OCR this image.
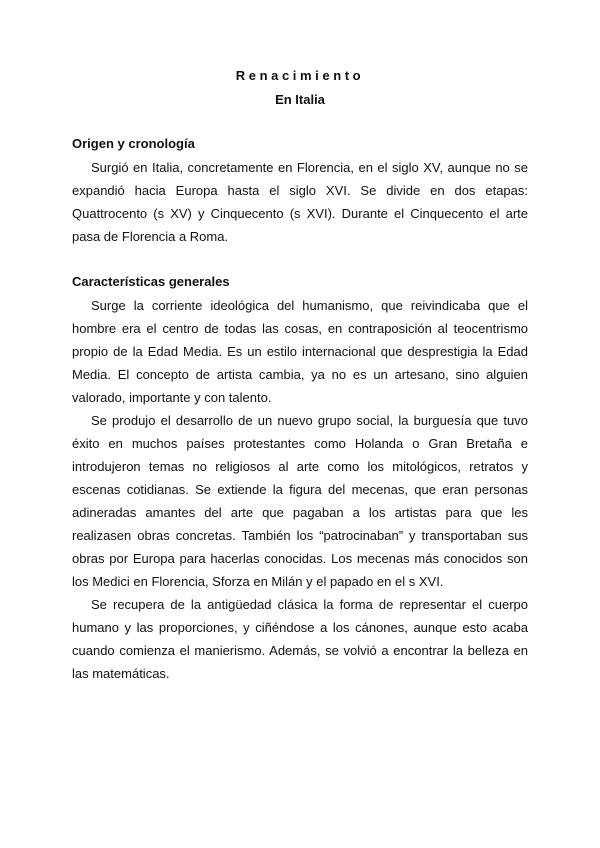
Renacimiento
En Italia
Origen y cronología

Surgió en Italia, concretamente en Florencia, en el siglo XV, aunque no se expandió hacia Europa hasta el siglo XVI. Se divide en dos etapas: Quattrocento (s XV) y Cinquecento (s XVI). Durante el Cinquecento el arte pasa de Florencia a Roma.

Características generales

Surge la corriente ideológica del humanismo, que reivindicaba que el hombre era el centro de todas las cosas, en contraposición al teocentrismo propio de la Edad Media. Es un estilo internacional que desprestigia la Edad Media. El concepto de artista cambia, ya no es un artesano, sino alguien valorado, importante y con talento.

Se produjo el desarrollo de un nuevo grupo social, la burguesía que tuvo éxito en muchos países protestantes como Holanda o Gran Bretaña e introdujeron temas no religiosos al arte como los mitológicos, retratos y escenas cotidianas. Se extiende la figura del mecenas, que eran personas adineradas amantes del arte que pagaban a los artistas para que les realizasen obras concretas. También los “patrocinaban” y transportaban sus obras por Europa para hacerlas conocidas. Los mecenas más conocidos son los Medici en Florencia, Sforza en Milán y el papado en el s XVI.

Se recupera de la antigüedad clásica la forma de representar el cuerpo humano y las proporciones, y ciñéndose a los cánones, aunque esto acaba cuando comienza el manierismo. Además, se volvió a encontrar la belleza en las matemáticas.
